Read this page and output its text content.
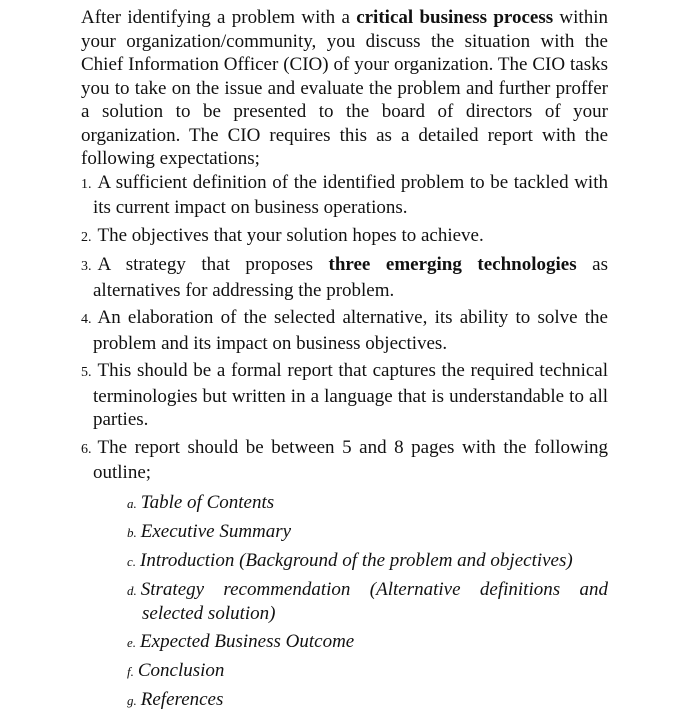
After identifying a problem with a critical business process within your organization/community, you discuss the situation with the Chief Information Officer (CIO) of your organization. The CIO tasks you to take on the issue and evaluate the problem and further proffer a solution to be presented to the board of directors of your organization. The CIO requires this as a detailed report with the following expectations;

1. A sufficient definition of the identified problem to be tackled with its current impact on business operations.
2. The objectives that your solution hopes to achieve.
3. A strategy that proposes three emerging technologies as alternatives for addressing the problem.
4. An elaboration of the selected alternative, its ability to solve the problem and its impact on business objectives.
5. This should be a formal report that captures the required technical terminologies but written in a language that is understandable to all parties.
6. The report should be between 5 and 8 pages with the following outline;
a. Table of Contents
b. Executive Summary
c. Introduction (Background of the problem and objectives)
d. Strategy recommendation (Alternative definitions and selected solution)
e. Expected Business Outcome
f. Conclusion
g. References
